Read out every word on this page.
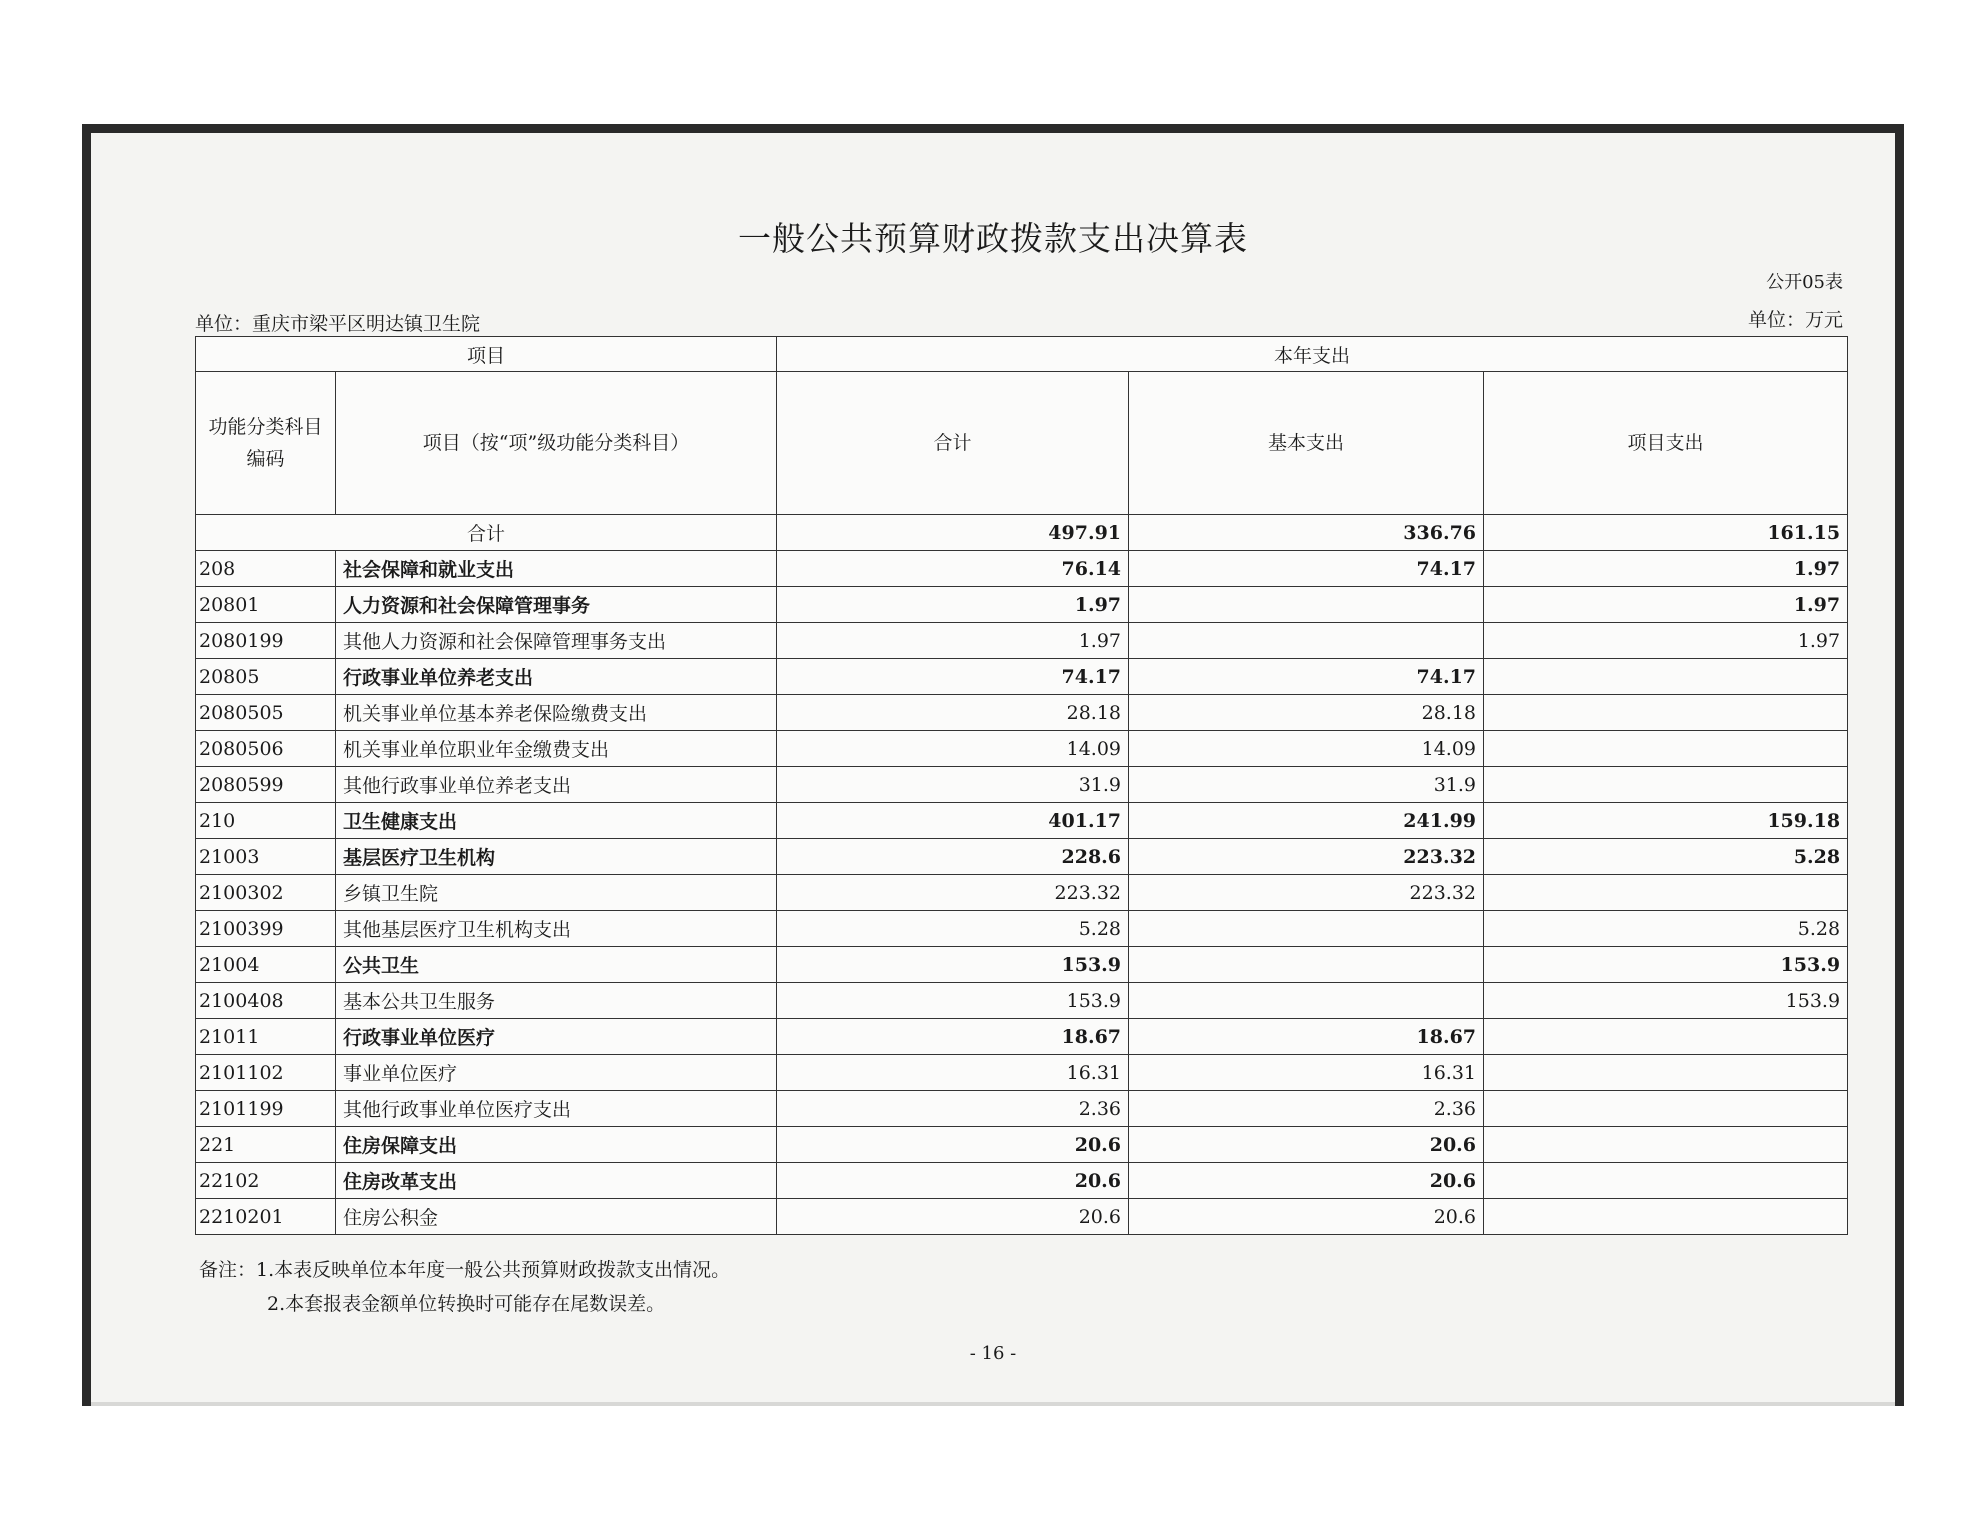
一般公共预算财政拨款支出决算表
公开05表
单位：重庆市梁平区明达镇卫生院	单位：万元
项目		本年支出		
功能分类科目编码	项目（按“项”级功能分类科目）	合计	基本支出	项目支出
合计		497.91	336.76	161.15
208	社会保障和就业支出	76.14	74.17	1.97
20801	人力资源和社会保障管理事务	1.97		1.97
2080199	其他人力资源和社会保障管理事务支出	1.97		1.97
20805	行政事业单位养老支出	74.17	74.17	
2080505	机关事业单位基本养老保险缴费支出	28.18	28.18	
2080506	机关事业单位职业年金缴费支出	14.09	14.09	
2080599	其他行政事业单位养老支出	31.9	31.9	
210	卫生健康支出	401.17	241.99	159.18
21003	基层医疗卫生机构	228.6	223.32	5.28
2100302	乡镇卫生院	223.32	223.32	
2100399	其他基层医疗卫生机构支出	5.28		5.28
21004	公共卫生	153.9		153.9
2100408	基本公共卫生服务	153.9		153.9
21011	行政事业单位医疗	18.67	18.67	
2101102	事业单位医疗	16.31	16.31	
2101199	其他行政事业单位医疗支出	2.36	2.36	
221	住房保障支出	20.6	20.6	
22102	住房改革支出	20.6	20.6	
2210201	住房公积金	20.6	20.6	
备注：1.本表反映单位本年度一般公共预算财政拨款支出情况。
2.本套报表金额单位转换时可能存在尾数误差。
- 16 -
